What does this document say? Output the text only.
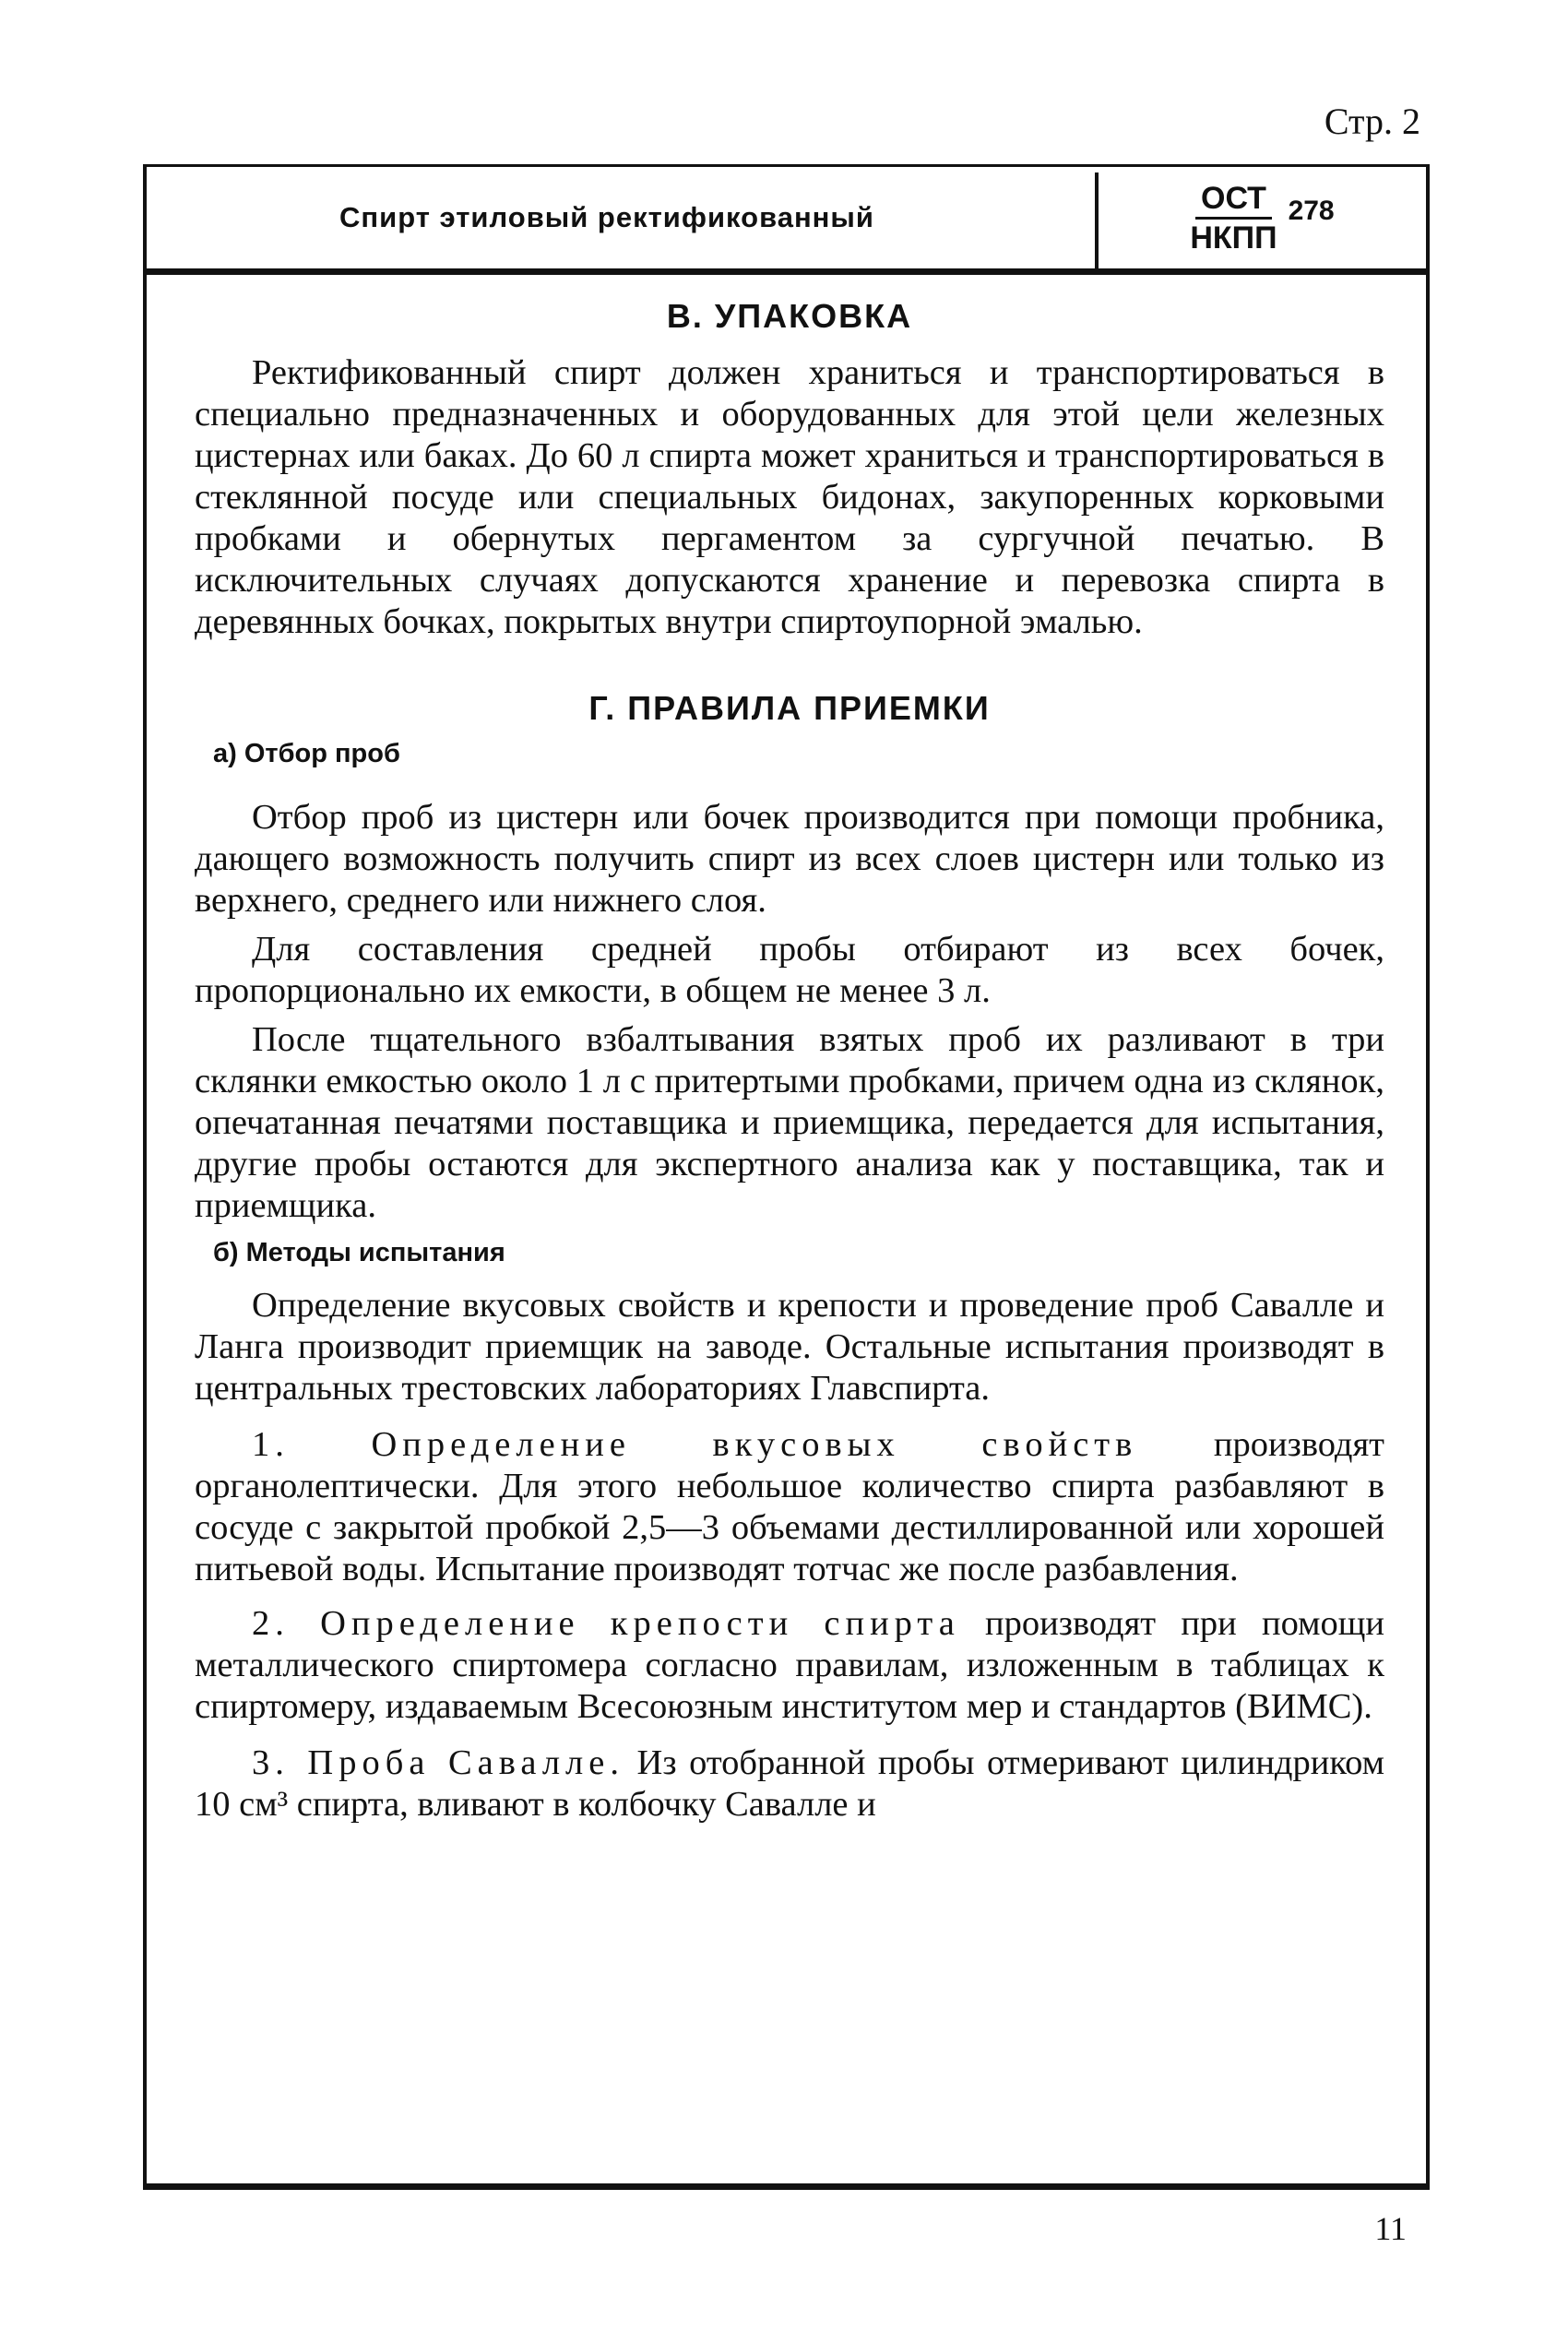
Стр. 2
Спирт этиловый ректификованный	$\frac{\text{ОСТ}}{\text{НКПП}} 278$
В. УПАКОВКА

Ректификованный спирт должен храниться и транспортироваться в специально предназначенных и оборудованных для этой цели железных цистернах или баках. До 60 л спирта может храниться и транспортироваться в стеклянной посуде или специальных бидонах, закупоренных корковыми пробками и обернутых пергаментом за сургучной печатью. В исключительных случаях допускаются хранение и перевозка спирта в деревянных бочках, покрытых внутри спиртоупорной эмалью.

Г. ПРАВИЛА ПРИЕМКИ
а) Отбор проб

Отбор проб из цистерн или бочек производится при помощи пробника, дающего возможность получить спирт из всех слоев цистерн или только из верхнего, среднего или нижнего слоя.

Для составления средней пробы отбирают из всех бочек, пропорционально их емкости, в общем не менее 3 л.

После тщательного взбалтывания взятых проб их разливают в три склянки емкостью около 1 л с притертыми пробками, причем одна из склянок, опечатанная печатями поставщика и приемщика, передается для испытания, другие пробы остаются для экспертного анализа как у поставщика, так и приемщика.

б) Методы испытания

Определение вкусовых свойств и крепости и проведение проб Савалле и Ланга производит приемщик на заводе. Остальные испытания производят в центральных трестовских лабораториях Главспирта.

1. Определение вкусовых свойств производят органолептически. Для этого небольшое количество спирта разбавляют в сосуде с закрытой пробкой 2,5—3 объемами дестиллированной или хорошей питьевой воды. Испытание производят тотчас же после разбавления.

2. Определение крепости спирта производят при помощи металлического спиртомера согласно правилам, изложенным в таблицах к спиртомеру, издаваемым Всесоюзным институтом мер и стандартов (ВИМС).

3. Проба Савалле. Из отобранной пробы отмеривают цилиндриком 10 см³ спирта, вливают в колбочку Савалле и

11
